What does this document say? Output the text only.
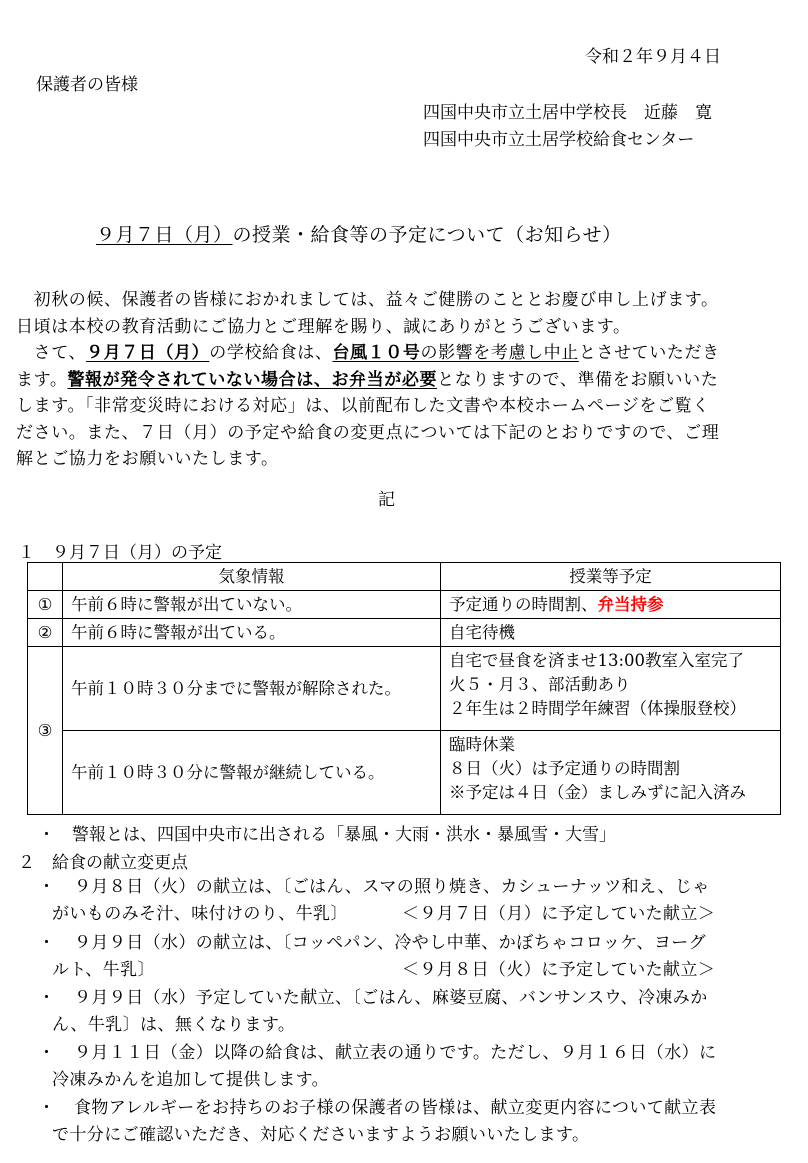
令和２年９月４日
保護者の皆様
四国中央市立土居中学校長　近藤　寛
四国中央市立土居学校給食センター
９月７日（月）の授業・給食等の予定について（お知らせ）
　初秋の候、保護者の皆様におかれましては、益々ご健勝のこととお慶び申し上げます。
日頃は本校の教育活動にご協力とご理解を賜り、誠にありがとうございます。
　さて、９月７日（月）の学校給食は、台風１０号の影響を考慮し中止とさせていただき
ます。警報が発令されていない場合は、お弁当が必要となりますので、準備をお願いいた
します。「非常変災時における対応」は、以前配布した文書や本校ホームページをご覧く
ださい。また、７日（月）の予定や給食の変更点については下記のとおりですので、ご理
解とご協力をお願いいたします。
記
１　９月７日（月）の予定
	気象情報	授業等予定
①	午前６時に警報が出ていない。	予定通りの時間割、弁当持参
②	午前６時に警報が出ている。	自宅待機
③	午前１０時３０分までに警報が解除された。	自宅で昼食を済ませ13:00教室入室完了
火５・月３、部活動あり
２年生は２時間学年練習（体操服登校）

	午前１０時３０分に警報が継続している。	臨時休業
８日（火）は予定通りの時間割
※予定は４日（金）ましみずに記入済み
・　 警報とは、四国中央市に出される「暴風・大雨・洪水・暴風雪・大雪」
２　給食の献立変更点
・	９月８日（火）の献立は、〔ごはん、スマの照り焼き、カシューナッツ和え、じゃ
がいものみそ汁、味付けのり、牛乳〕	＜９月７日（月）に予定していた献立＞
・	９月９日（水）の献立は、〔コッペパン、冷やし中華、かぼちゃコロッケ、ヨーグ
ルト、牛乳〕	＜９月８日（火）に予定していた献立＞
・	９月９日（水）予定していた献立、〔ごはん、麻婆豆腐、バンサンスウ、冷凍みか
ん、牛乳〕は、無くなります。
・	９月１１日（金）以降の給食は、献立表の通りです。ただし、９月１６日（水）に
冷凍みかんを追加して提供します。
・	食物アレルギーをお持ちのお子様の保護者の皆様は、献立変更内容について献立表
で十分にご確認いただき、対応くださいますようお願いいたします。
